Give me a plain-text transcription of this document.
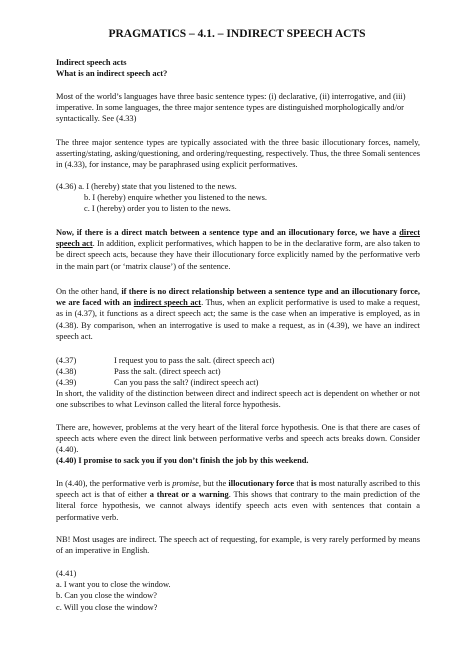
PRAGMATICS – 4.1. – INDIRECT SPEECH ACTS

Indirect speech acts

What is an indirect speech act?

Most of the world’s languages have three basic sentence types: (i) declarative, (ii) interrogative, and (iii) imperative. In some languages, the three major sentence types are distinguished morphologically and/or syntactically. See (4.33)

The three major sentence types are typically associated with the three basic illocutionary forces, namely, asserting/stating, asking/questioning, and ordering/requesting, respectively. Thus, the three Somali sentences in (4.33), for instance, may be paraphrased using explicit performatives.

(4.36) a. I (hereby) state that you listened to the news.
b. I (hereby) enquire whether you listened to the news.
c. I (hereby) order you to listen to the news.

Now, if there is a direct match between a sentence type and an illocutionary force, we have a direct speech act. In addition, explicit performatives, which happen to be in the declarative form, are also taken to be direct speech acts, because they have their illocutionary force explicitly named by the performative verb in the main part (or ‘matrix clause’) of the sentence.

On the other hand, if there is no direct relationship between a sentence type and an illocutionary force, we are faced with an indirect speech act. Thus, when an explicit performative is used to make a request, as in (4.37), it functions as a direct speech act; the same is the case when an imperative is employed, as in (4.38). By comparison, when an interrogative is used to make a request, as in (4.39), we have an indirect speech act.

(4.37)	I request you to pass the salt. (direct speech act)
(4.38)	Pass the salt. (direct speech act)
(4.39)	Can you pass the salt? (indirect speech act)

In short, the validity of the distinction between direct and indirect speech act is dependent on whether or not one subscribes to what Levinson called the literal force hypothesis.

There are, however, problems at the very heart of the literal force hypothesis. One is that there are cases of speech acts where even the direct link between performative verbs and speech acts breaks down. Consider (4.40).

(4.40) I promise to sack you if you don’t finish the job by this weekend.

In (4.40), the performative verb is promise, but the illocutionary force that is most naturally ascribed to this speech act is that of either a threat or a warning. This shows that contrary to the main prediction of the literal force hypothesis, we cannot always identify speech acts even with sentences that contain a performative verb.

NB! Most usages are indirect. The speech act of requesting, for example, is very rarely performed by means of an imperative in English.

(4.41)
a. I want you to close the window.
b. Can you close the window?
c. Will you close the window?
